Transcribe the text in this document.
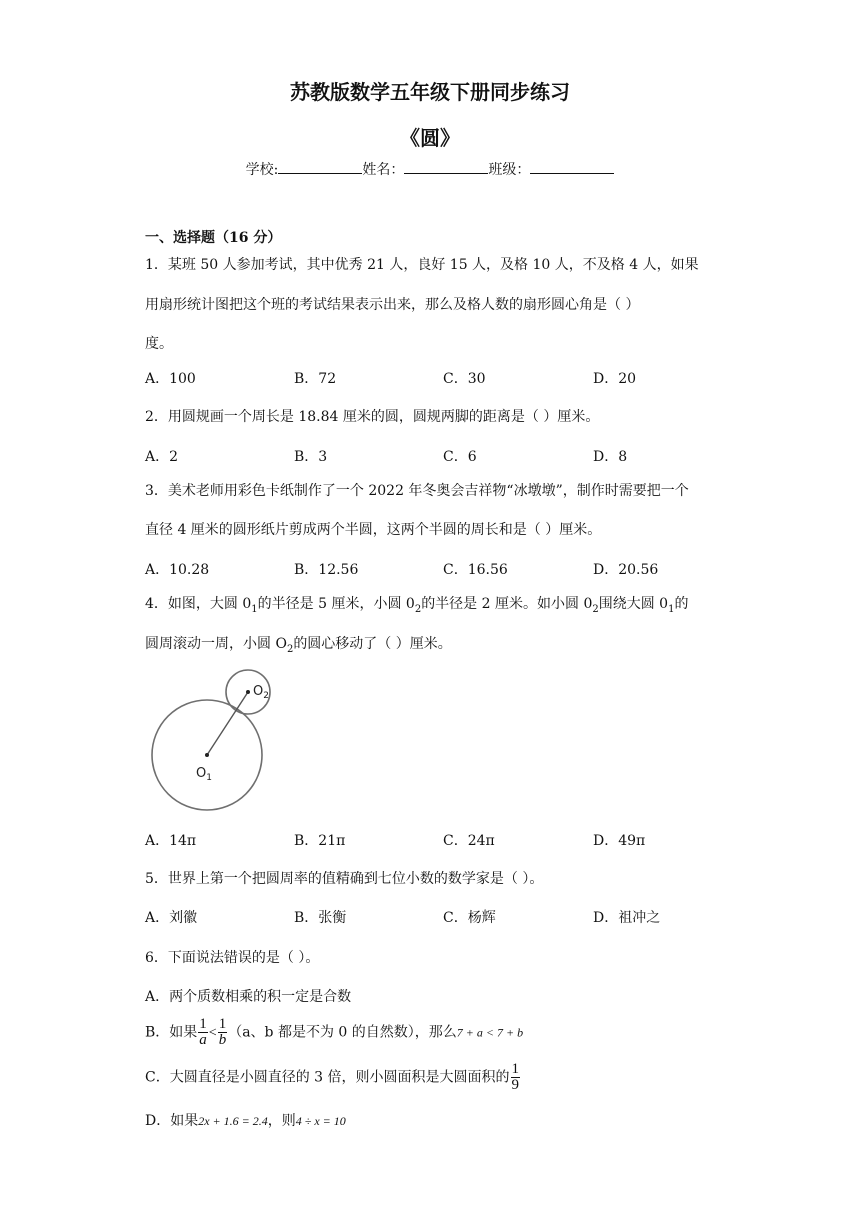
苏教版数学五年级下册同步练习
《圆》
学校:	姓名：	班级：
一、选择题（16 分）
1．某班 50 人参加考试，其中优秀 21 人，良好 15 人，及格 10 人，不及格 4 人，如果
用扇形统计图把这个班的考试结果表示出来，那么及格人数的扇形圆心角是（ ）
度。
A．100	B．72	C．30	D．20
2．用圆规画一个周长是 18.84 厘米的圆，圆规两脚的距离是（ ）厘米。
A．2	B．3	C．6	D．8
3．美术老师用彩色卡纸制作了一个 2022 年冬奥会吉祥物“冰墩墩”，制作时需要把一个
直径 4 厘米的圆形纸片剪成两个半圆，这两个半圆的周长和是（ ）厘米。
A．10.28	B．12.56	C．16.56	D．20.56
4．如图，大圆 $0_1$的半径是 5 厘米，小圆 $0_2$的半径是 2 厘米。如小圆 $0_2$围绕大圆 $0_1$的
圆周滚动一周，小圆 $O_2$的圆心移动了（ ）厘米。
$O_1$
$O_2$
A．14π	B．21π	C．24π	D．49π
5．世界上第一个把圆周率的值精确到七位小数的数学家是（ ）。
A．刘徽	B．张衡	C．杨辉	D．祖冲之
6．下面说法错误的是（ ）。
A．两个质数相乘的积一定是合数
B．如果 $\frac{1}{a} < \frac{1}{b} (a$、b 都是不为 0 的自然数），那么7 + a < 7 + b
C．大圆直径是小圆直径的 3 倍，则小圆面积是大圆面积的 $\frac{1}{9}$
D．如果2x + 1.6 = 2.4，则4 ÷ x = 10
